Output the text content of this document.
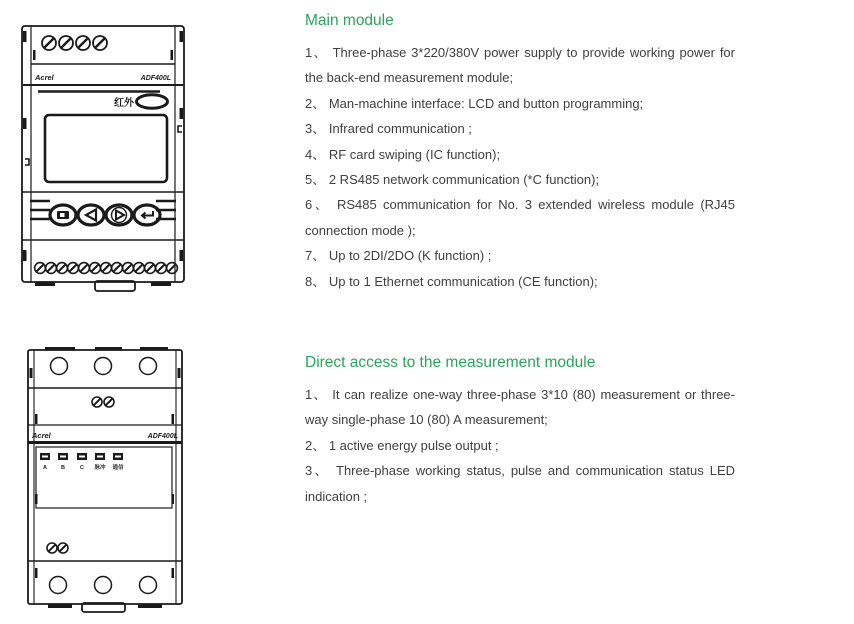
Acrel	ADF400L
红外
Acrel	ADF400L
A	B	C 脉冲 通信
Main module

1、 Three-phase 3*220/380V power supply to provide working power for the back-end measurement module;

2、 Man-machine interface: LCD and button programming;

3、 Infrared communication ;

4、 RF card swiping (IC function);

5、 2 RS485 network communication (*C function);

6、 RS485 communication for No. 3 extended wireless module (RJ45 connection mode );

7、 Up to 2DI/2DO (K function) ;

8、 Up to 1 Ethernet communication (CE function);

Direct access to the measurement module

1、 It can realize one-way three-phase 3*10 (80) measurement or three-way single-phase 10 (80) A measurement;

2、 1 active energy pulse output ;

3、 Three-phase working status, pulse and communication status LED indication ;
